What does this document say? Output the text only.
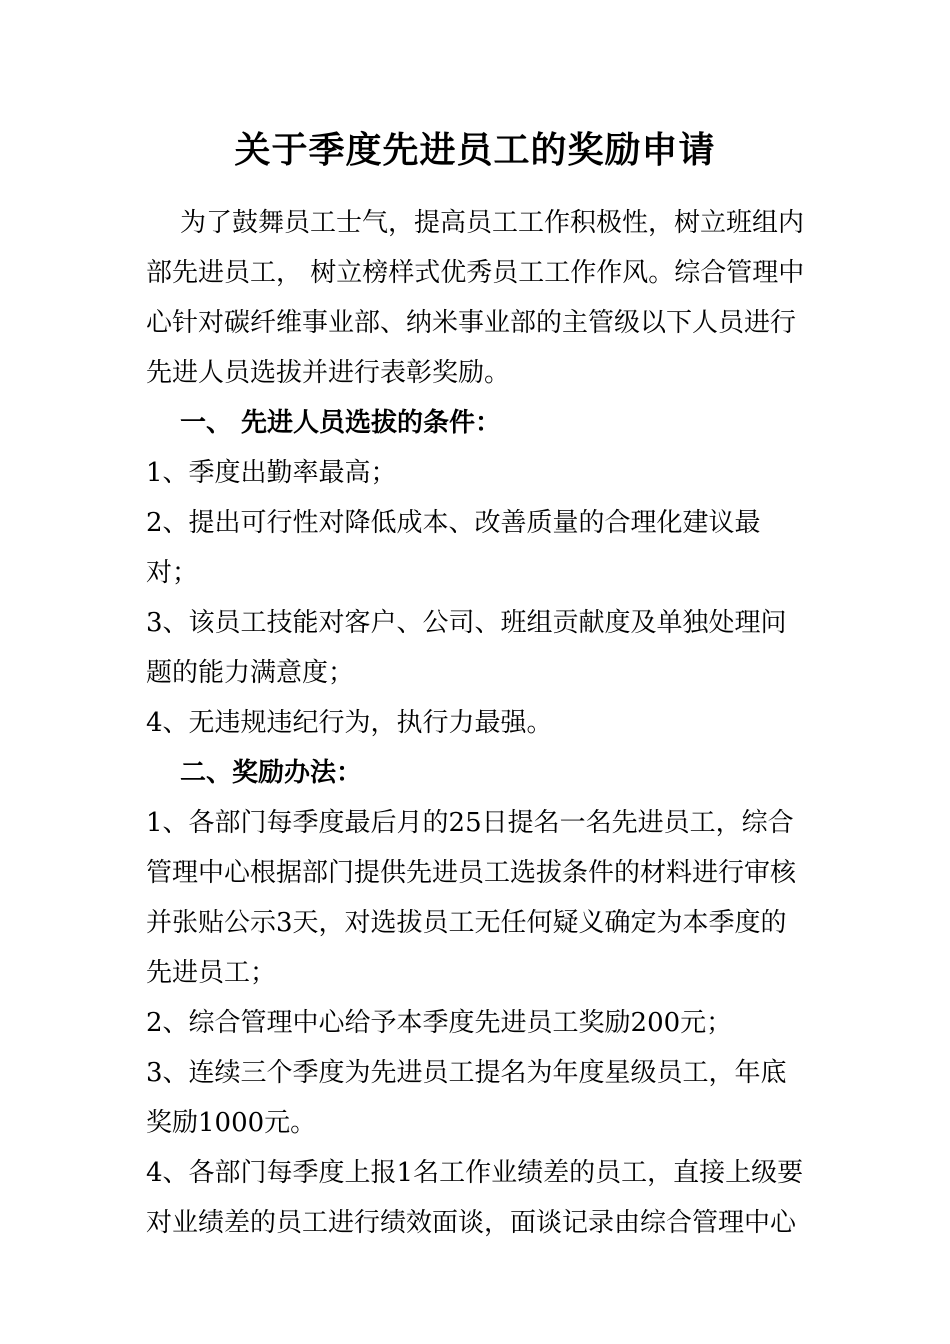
关于季度先进员工的奖励申请

为了鼓舞员工士气，提高员工工作积极性，树立班组内部先进员工， 树立榜样式优秀员工工作作风。综合管理中心针对碳纤维事业部、纳米事业部的主管级以下人员进行先进人员选拔并进行表彰奖励。

一、 先进人员选拔的条件：

1、季度出勤率最高；

2、提出可行性对降低成本、改善质量的合理化建议最对；

3、该员工技能对客户、公司、班组贡献度及单独处理问题的能力满意度；

4、无违规违纪行为，执行力最强。

二、奖励办法：

1、各部门每季度最后月的25日提名一名先进员工，综合管理中心根据部门提供先进员工选拔条件的材料进行审核并张贴公示3天，对选拔员工无任何疑义确定为本季度的先进员工；

2、综合管理中心给予本季度先进员工奖励200元；

3、连续三个季度为先进员工提名为年度星级员工，年底奖励1000元。

4、各部门每季度上报1名工作业绩差的员工，直接上级要对业绩差的员工进行绩效面谈，面谈记录由综合管理中心
